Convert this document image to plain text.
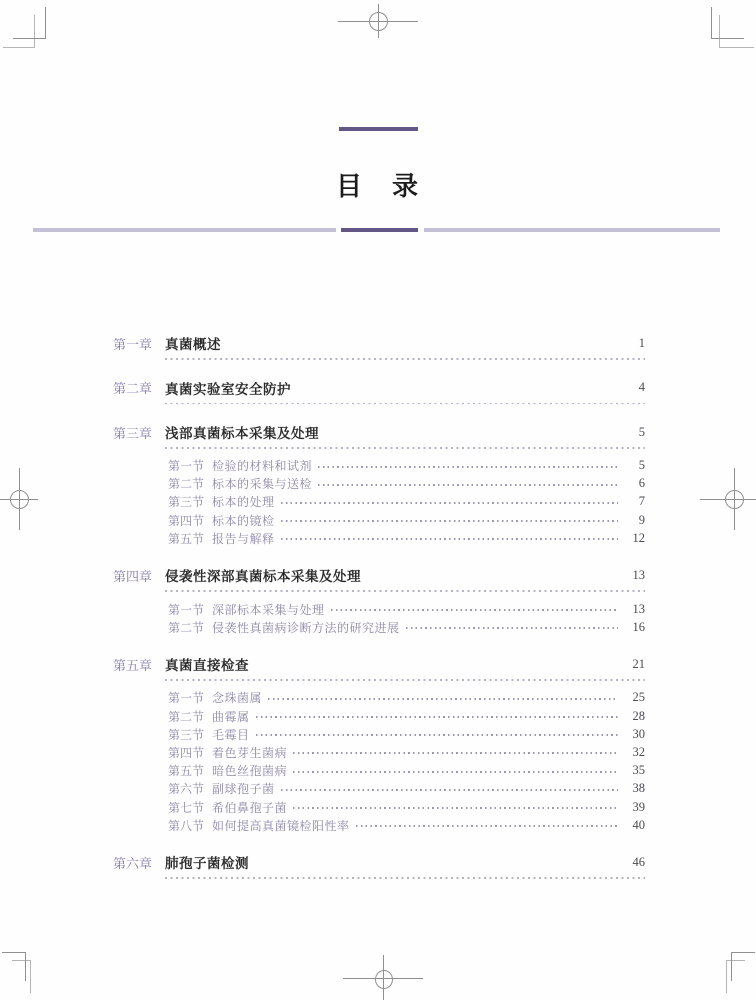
目　录
第一章 真菌概述	1
第二章 真菌实验室安全防护	4
第三章 浅部真菌标本采集及处理	5
第一节 检验的材料和试剂	5
第二节 标本的采集与送检	6
第三节 标本的处理	7
第四节 标本的镜检	9
第五节 报告与解释	12
第四章 侵袭性深部真菌标本采集及处理	13
第一节 深部标本采集与处理	13
第二节 侵袭性真菌病诊断方法的研究进展	16
第五章 真菌直接检查	21
第一节 念珠菌属	25
第二节 曲霉属	28
第三节 毛霉目	30
第四节 着色芽生菌病	32
第五节 暗色丝孢菌病	35
第六节 副球孢子菌	38
第七节 希伯鼻孢子菌	39
第八节 如何提高真菌镜检阳性率	40
第六章 肺孢子菌检测	46
